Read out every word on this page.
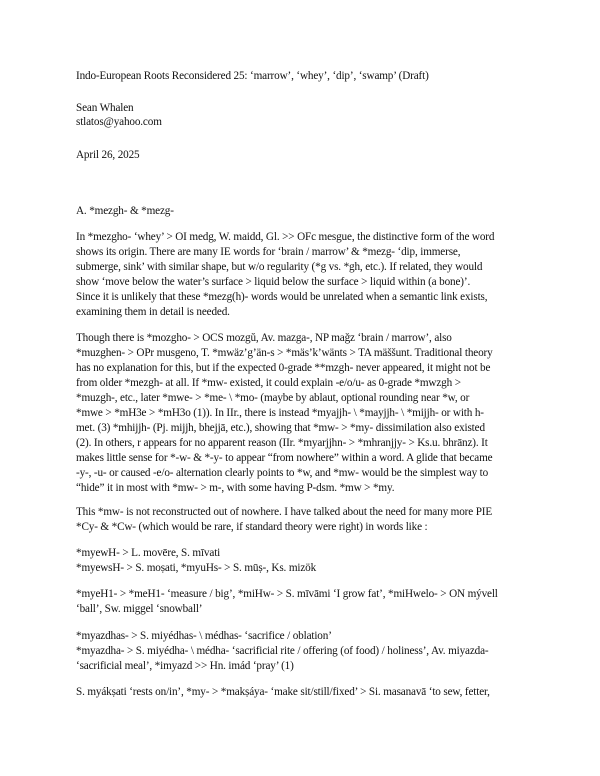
Indo-European Roots Reconsidered 25: ‘marrow’, ‘whey’, ‘dip’, ‘swamp’ (Draft)
Sean Whalen
stlatos@yahoo.com
April 26, 2025
A. *mezgh- & *mezg-
In *mezgho- ‘whey’ > OI medg, W. maidd, Gl. >> OFc mesgue, the distinctive form of the word
shows its origin. There are many IE words for ‘brain / marrow’ & *mezg- ‘dip, immerse,
submerge, sink’ with similar shape, but w/o regularity (*g vs. *gh, etc.). If related, they would
show ‘move below the water’s surface > liquid below the surface > liquid within (a bone)’.
Since it is unlikely that these *mezg(h)- words would be unrelated when a semantic link exists,
examining them in detail is needed.
Though there is *mozgho- > OCS mozgŭ, Av. mazga-, NP maǧz ‘brain / marrow’, also
*muzghen- > OPr musgeno, T. *mwäz’g’än-s > *mäs’k’wänts > TA mäššunt. Traditional theory
has no explanation for this, but if the expected 0-grade **mzgh- never appeared, it might not be
from older *mezgh- at all. If *mw- existed, it could explain -e/o/u- as 0-grade *mwzgh >
*muzgh-, etc., later *mwe- > *me- \ *mo- (maybe by ablaut, optional rounding near *w, or
*mwe > *mH3e > *mH3o (1)). In IIr., there is instead *myajjh- \ *mayjjh- \ *mijjh- or with h-
met. (3) *mhijjh- (Pj. mijjh, bhejjā, etc.), showing that *mw- > *my- dissimilation also existed
(2). In others, r appears for no apparent reason (IIr. *myarjjhn- > *mhranjjy- > Ks.u. bhrānz). It
makes little sense for *-w- & *-y- to appear “from nowhere” within a word. A glide that became
-y-, -u- or caused -e/o- alternation clearly points to *w, and *mw- would be the simplest way to
“hide” it in most with *mw- > m-, with some having P-dsm. *mw > *my.
This *mw- is not reconstructed out of nowhere. I have talked about the need for many more PIE
*Cy- & *Cw- (which would be rare, if standard theory were right) in words like :
*myewH- > L. movēre, S. mīvati
*myewsH- > S. moṣati, *myuHs- > S. mūṣ-, Ks. mizök
*myeH1- > *meH1- ‘measure / big’, *miHw- > S. mīvāmi ‘I grow fat’, *miHwelo- > ON mývell
‘ball’, Sw. miggel ‘snowball’
*myazdhas- > S. miyédhas- \ médhas- ‘sacrifice / oblation’
*myazdha- > S. miyédha- \ médha- ‘sacrificial rite / offering (of food) / holiness’, Av. miyazda-
‘sacrificial meal’, *imyazd >> Hn. imád ‘pray’ (1)
S. myákṣati ‘rests on/in’, *my- > *makṣáya- ‘make sit/still/fixed’ > Si. masanavā ‘to sew, fetter,
